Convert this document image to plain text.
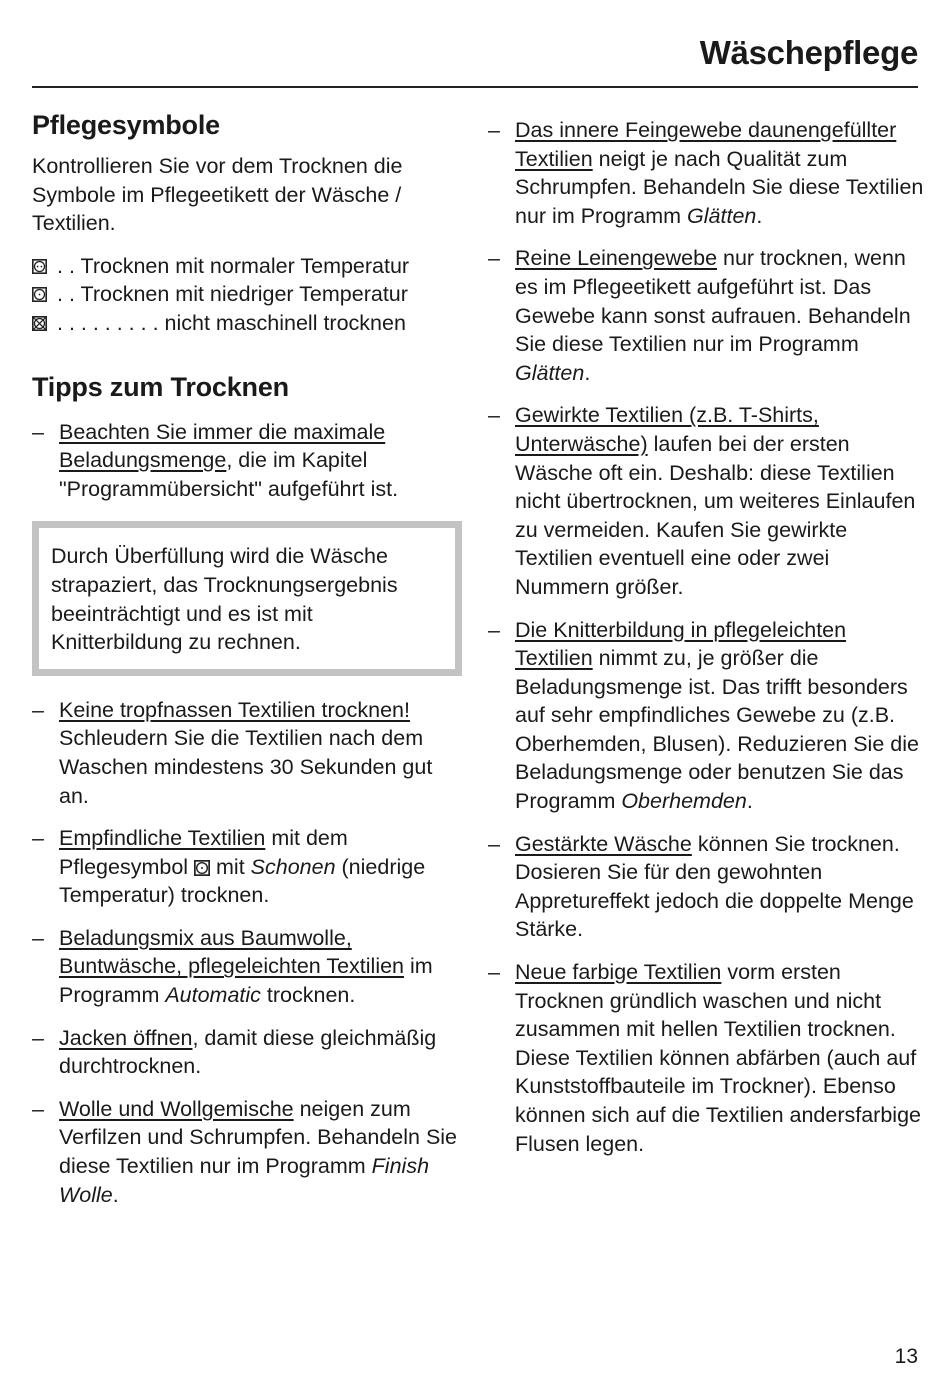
Wäschepflege
Pflegesymbole
Kontrollieren Sie vor dem Trocknen die Symbole im Pflegeetikett der Wäsche / Textilien.
. . Trocknen mit normaler Temperatur
. . Trocknen mit niedriger Temperatur
. . . . . . . . . nicht maschinell trocknen
Tipps zum Trocknen
– Beachten Sie immer die maximale Beladungsmenge, die im Kapitel "Programmübersicht" aufgeführt ist.
Durch Überfüllung wird die Wäsche strapaziert, das Trocknungsergebnis beeinträchtigt und es ist mit Knitterbildung zu rechnen.
– Keine tropfnassen Textilien trocknen! Schleudern Sie die Textilien nach dem Waschen mindestens 30 Sekunden gut an.
– Empfindliche Textilien mit dem Pflegesymbol  mit Schonen (niedrige Temperatur) trocknen.
– Beladungsmix aus Baumwolle, Buntwäsche, pflegeleichten Textilien im Programm Automatic trocknen.
– Jacken öffnen, damit diese gleichmäßig durchtrocknen.
– Wolle und Wollgemische neigen zum Verfilzen und Schrumpfen. Behandeln Sie diese Textilien nur im Programm Finish Wolle.
– Das innere Feingewebe daunengefüllter Textilien neigt je nach Qualität zum Schrumpfen. Behandeln Sie diese Textilien nur im Programm Glätten.
– Reine Leinengewebe nur trocknen, wenn es im Pflegeetikett aufgeführt ist. Das Gewebe kann sonst aufrauen. Behandeln Sie diese Textilien nur im Programm Glätten.
– Gewirkte Textilien (z.B. T-Shirts, Unterwäsche) laufen bei der ersten Wäsche oft ein. Deshalb: diese Textilien nicht übertrocknen, um weiteres Einlaufen zu vermeiden. Kaufen Sie gewirkte Textilien eventuell eine oder zwei Nummern größer.
– Die Knitterbildung in pflegeleichten Textilien nimmt zu, je größer die Beladungsmenge ist. Das trifft besonders auf sehr empfindliches Gewebe zu (z.B. Oberhemden, Blusen). Reduzieren Sie die Beladungsmenge oder benutzen Sie das Programm Oberhemden.
– Gestärkte Wäsche können Sie trocknen. Dosieren Sie für den gewohnten Appretureffekt jedoch die doppelte Menge Stärke.
– Neue farbige Textilien vorm ersten Trocknen gründlich waschen und nicht zusammen mit hellen Textilien trocknen. Diese Textilien können abfärben (auch auf Kunststoffbauteile im Trockner). Ebenso können sich auf die Textilien andersfarbige Flusen legen.
13
